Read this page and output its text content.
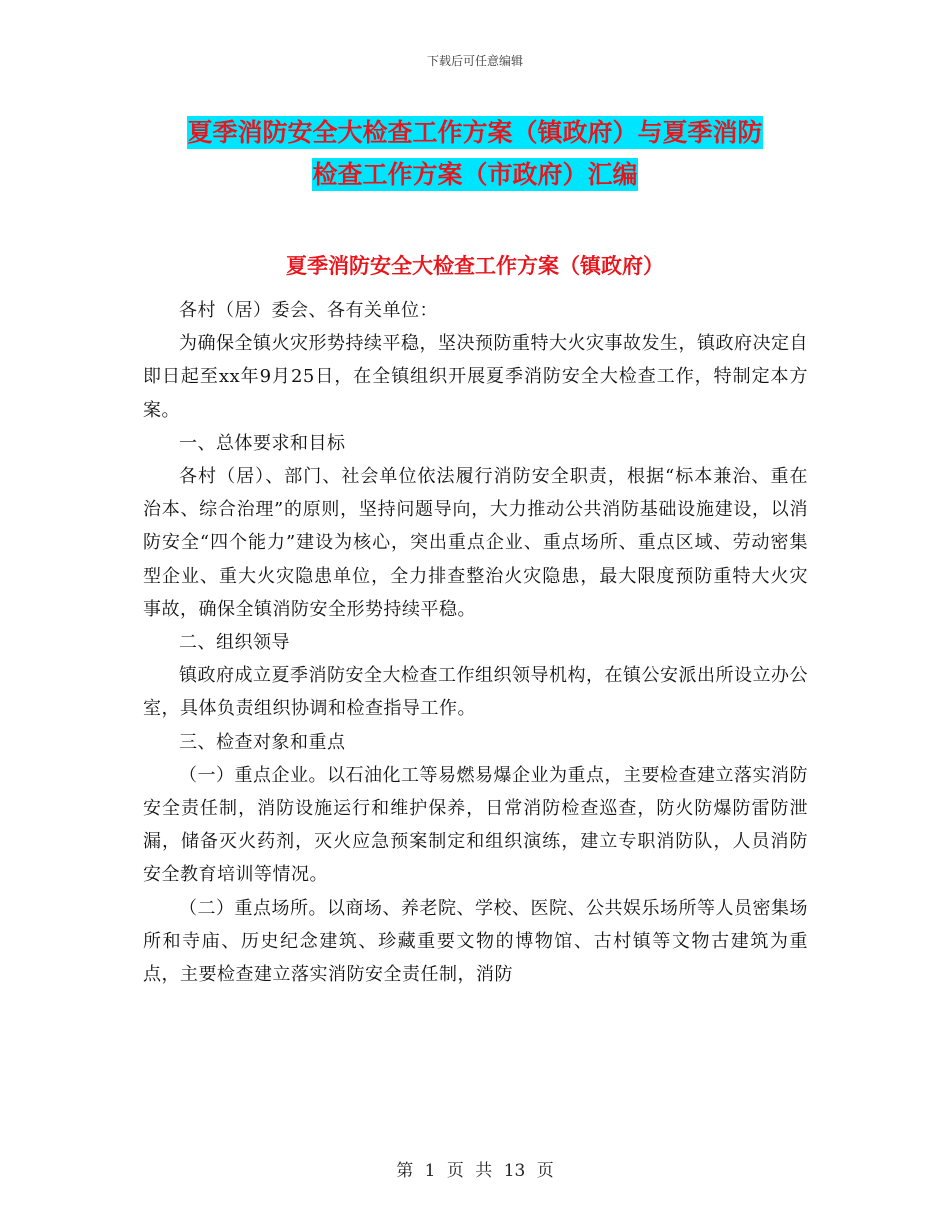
下载后可任意编辑
夏季消防安全大检查工作方案（镇政府）与夏季消防
检查工作方案（市政府）汇编
夏季消防安全大检查工作方案（镇政府）

各村（居）委会、各有关单位：

为确保全镇火灾形势持续平稳，坚决预防重特大火灾事故发生，镇政府决定自即日起至xx年9月25日，在全镇组织开展夏季消防安全大检查工作，特制定本方案。

一、总体要求和目标

各村（居）、部门、社会单位依法履行消防安全职责，根据“标本兼治、重在治本、综合治理”的原则，坚持问题导向，大力推动公共消防基础设施建设，以消防安全“四个能力”建设为核心，突出重点企业、重点场所、重点区域、劳动密集型企业、重大火灾隐患单位，全力排查整治火灾隐患，最大限度预防重特大火灾事故，确保全镇消防安全形势持续平稳。

二、组织领导

镇政府成立夏季消防安全大检查工作组织领导机构，在镇公安派出所设立办公室，具体负责组织协调和检查指导工作。

三、检查对象和重点

（一）重点企业。以石油化工等易燃易爆企业为重点，主要检查建立落实消防安全责任制，消防设施运行和维护保养，日常消防检查巡查，防火防爆防雷防泄漏，储备灭火药剂，灭火应急预案制定和组织演练，建立专职消防队，人员消防安全教育培训等情况。

（二）重点场所。以商场、养老院、学校、医院、公共娱乐场所等人员密集场所和寺庙、历史纪念建筑、珍藏重要文物的博物馆、古村镇等文物古建筑为重点，主要检查建立落实消防安全责任制，消防

第 1 页 共 13 页
